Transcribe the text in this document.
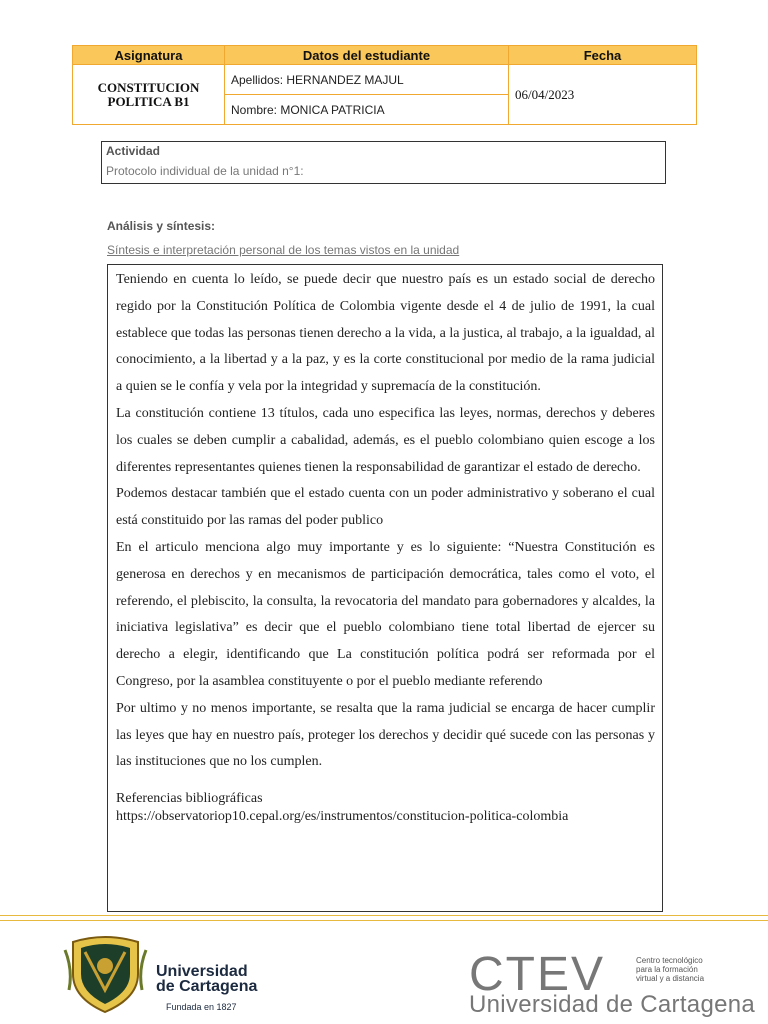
Asignatura	Datos del estudiante	Fecha
CONSTITUCION POLITICA B1	Apellidos: HERNANDEZ MAJUL	06/04/2023
	Nombre: MONICA PATRICIA	
Actividad
Protocolo individual de la unidad n°1:
Análisis y síntesis:
Síntesis e interpretación personal de los temas vistos en la unidad

Teniendo en cuenta lo leído, se puede decir que nuestro país es un estado social de derecho regido por la Constitución Política de Colombia vigente desde el 4 de julio de 1991, la cual establece que todas las personas tienen derecho a la vida, a la justica, al trabajo, a la igualdad, al conocimiento, a la libertad y a la paz, y es la corte constitucional por medio de la rama judicial a quien se le confía y vela por la integridad y supremacía de la constitución.

La constitución contiene 13 títulos, cada uno especifica las leyes, normas, derechos y deberes los cuales se deben cumplir a cabalidad, además, es el pueblo colombiano quien escoge a los diferentes representantes quienes tienen la responsabilidad de garantizar el estado de derecho.

Podemos destacar también que el estado cuenta con un poder administrativo y soberano el cual está constituido por las ramas del poder publico

En el articulo menciona algo muy importante y es lo siguiente: “Nuestra Constitución es generosa en derechos y en mecanismos de participación democrática, tales como el voto, el referendo, el plebiscito, la consulta, la revocatoria del mandato para gobernadores y alcaldes, la iniciativa legislativa” es decir que el pueblo colombiano tiene total libertad de ejercer su derecho a elegir, identificando que La constitución política podrá ser reformada por el Congreso, por la asamblea constituyente o por el pueblo mediante referendo

Por ultimo y no menos importante, se resalta que la rama judicial se encarga de hacer cumplir las leyes que hay en nuestro país, proteger los derechos y decidir qué sucede con las personas y las instituciones que no los cumplen.

Referencias bibliográficas

https://observatoriop10.cepal.org/es/instrumentos/constitucion-politica-colombia

Universidad
de Cartagena
Fundada en 1827
CTEV	Centro tecnológico
para la formación
virtual y a distancia
Universidad de Cartagena
